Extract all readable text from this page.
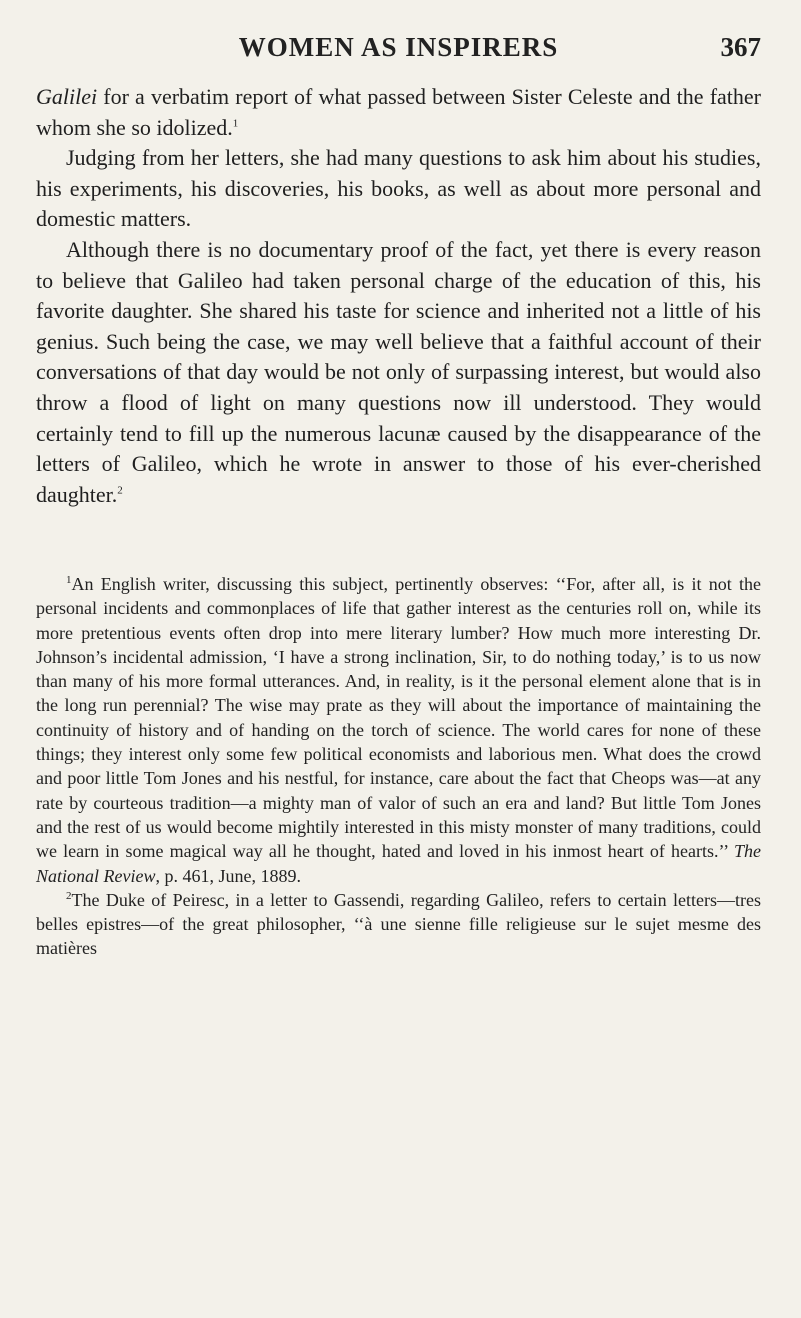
WOMEN AS INSPIRERS	367

Galilei for a verbatim report of what passed between Sister Celeste and the father whom she so idolized.$^1$

Judging from her letters, she had many questions to ask him about his studies, his experiments, his discoveries, his books, as well as about more personal and domestic matters.

Although there is no documentary proof of the fact, yet there is every reason to believe that Galileo had taken personal charge of the education of this, his favorite daughter. She shared his taste for science and inherited not a little of his genius. Such being the case, we may well believe that a faithful account of their conversations of that day would be not only of surpassing interest, but would also throw a flood of light on many questions now ill understood. They would certainly tend to fill up the numerous lacunæ caused by the disappearance of the letters of Galileo, which he wrote in answer to those of his ever-cherished daughter.$^2$

$^1$An English writer, discussing this subject, pertinently observes: ‘‘For, after all, is it not the personal incidents and commonplaces of life that gather interest as the centuries roll on, while its more pretentious events often drop into mere literary lumber? How much more interesting Dr. Johnson’s incidental admission, ‘I have a strong inclination, Sir, to do nothing today,’ is to us now than many of his more formal utterances. And, in reality, is it the personal element alone that is in the long run perennial? The wise may prate as they will about the importance of maintaining the continuity of history and of handing on the torch of science. The world cares for none of these things; they interest only some few political economists and laborious men. What does the crowd and poor little Tom Jones and his nestful, for instance, care about the fact that Cheops was—at any rate by courteous tradition—a mighty man of valor of such an era and land? But little Tom Jones and the rest of us would become mightily interested in this misty monster of many traditions, could we learn in some magical way all he thought, hated and loved in his inmost heart of hearts.’’ The National Review, p. 461, June, 1889.

$^2$The Duke of Peiresc, in a letter to Gassendi, regarding Galileo, refers to certain letters—tres belles epistres—of the great philosopher, ‘‘à une sienne fille religieuse sur le sujet mesme des matières
